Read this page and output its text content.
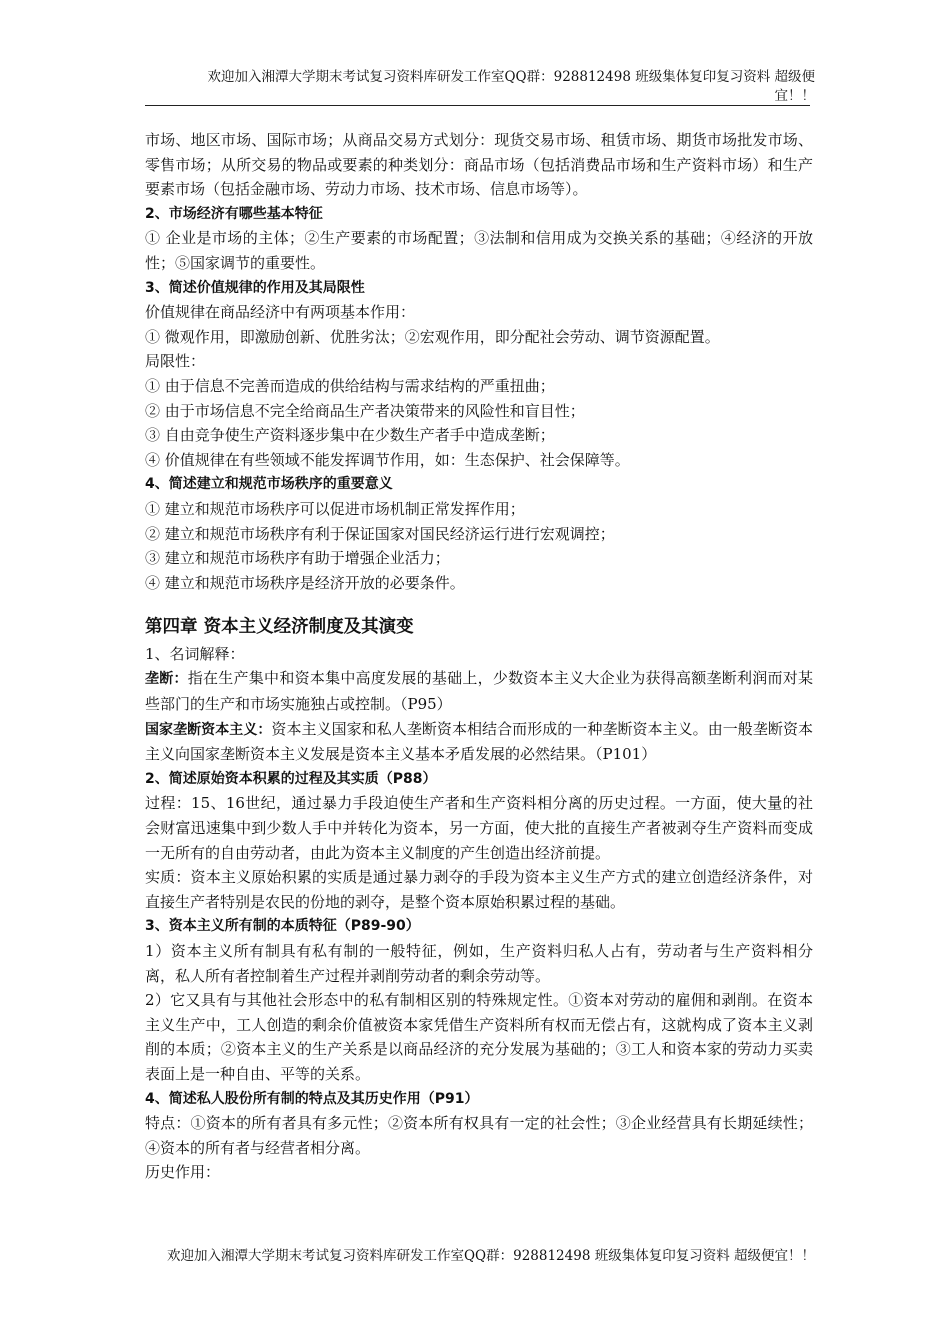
欢迎加入湘潭大学期末考试复习资料库研发工作室QQ群：928812498 班级集体复印复习资料 超级便
宜！！

市场、地区市场、国际市场；从商品交易方式划分：现货交易市场、租赁市场、期货市场批发市场、零售市场；从所交易的物品或要素的种类划分：商品市场（包括消费品市场和生产资料市场）和生产要素市场（包括金融市场、劳动力市场、技术市场、信息市场等）。

2、市场经济有哪些基本特征

① 企业是市场的主体；②生产要素的市场配置；③法制和信用成为交换关系的基础；④经济的开放性；⑤国家调节的重要性。

3、简述价值规律的作用及其局限性

价值规律在商品经济中有两项基本作用：

① 微观作用，即激励创新、优胜劣汰；②宏观作用，即分配社会劳动、调节资源配置。

局限性：

① 由于信息不完善而造成的供给结构与需求结构的严重扭曲；

② 由于市场信息不完全给商品生产者决策带来的风险性和盲目性；

③ 自由竞争使生产资料逐步集中在少数生产者手中造成垄断；

④ 价值规律在有些领域不能发挥调节作用，如：生态保护、社会保障等。

4、简述建立和规范市场秩序的重要意义

① 建立和规范市场秩序可以促进市场机制正常发挥作用；

② 建立和规范市场秩序有利于保证国家对国民经济运行进行宏观调控；

③ 建立和规范市场秩序有助于增强企业活力；

④ 建立和规范市场秩序是经济开放的必要条件。

第四章 资本主义经济制度及其演变

1、名词解释：

垄断：指在生产集中和资本集中高度发展的基础上，少数资本主义大企业为获得高额垄断利润而对某些部门的生产和市场实施独占或控制。（P95）

国家垄断资本主义：资本主义国家和私人垄断资本相结合而形成的一种垄断资本主义。由一般垄断资本主义向国家垄断资本主义发展是资本主义基本矛盾发展的必然结果。（P101）

2、简述原始资本积累的过程及其实质（P88）

过程：15、16世纪，通过暴力手段迫使生产者和生产资料相分离的历史过程。一方面，使大量的社会财富迅速集中到少数人手中并转化为资本，另一方面，使大批的直接生产者被剥夺生产资料而变成一无所有的自由劳动者，由此为资本主义制度的产生创造出经济前提。

实质：资本主义原始积累的实质是通过暴力剥夺的手段为资本主义生产方式的建立创造经济条件，对直接生产者特别是农民的份地的剥夺，是整个资本原始积累过程的基础。

3、资本主义所有制的本质特征（P89-90）

1）资本主义所有制具有私有制的一般特征，例如，生产资料归私人占有，劳动者与生产资料相分离，私人所有者控制着生产过程并剥削劳动者的剩余劳动等。

2）它又具有与其他社会形态中的私有制相区别的特殊规定性。①资本对劳动的雇佣和剥削。在资本主义生产中，工人创造的剩余价值被资本家凭借生产资料所有权而无偿占有，这就构成了资本主义剥削的本质；②资本主义的生产关系是以商品经济的充分发展为基础的；③工人和资本家的劳动力买卖表面上是一种自由、平等的关系。

4、简述私人股份所有制的特点及其历史作用（P91）

特点：①资本的所有者具有多元性；②资本所有权具有一定的社会性；③企业经营具有长期延续性；④资本的所有者与经营者相分离。

历史作用：

欢迎加入湘潭大学期末考试复习资料库研发工作室QQ群：928812498 班级集体复印复习资料 超级便宜！！
